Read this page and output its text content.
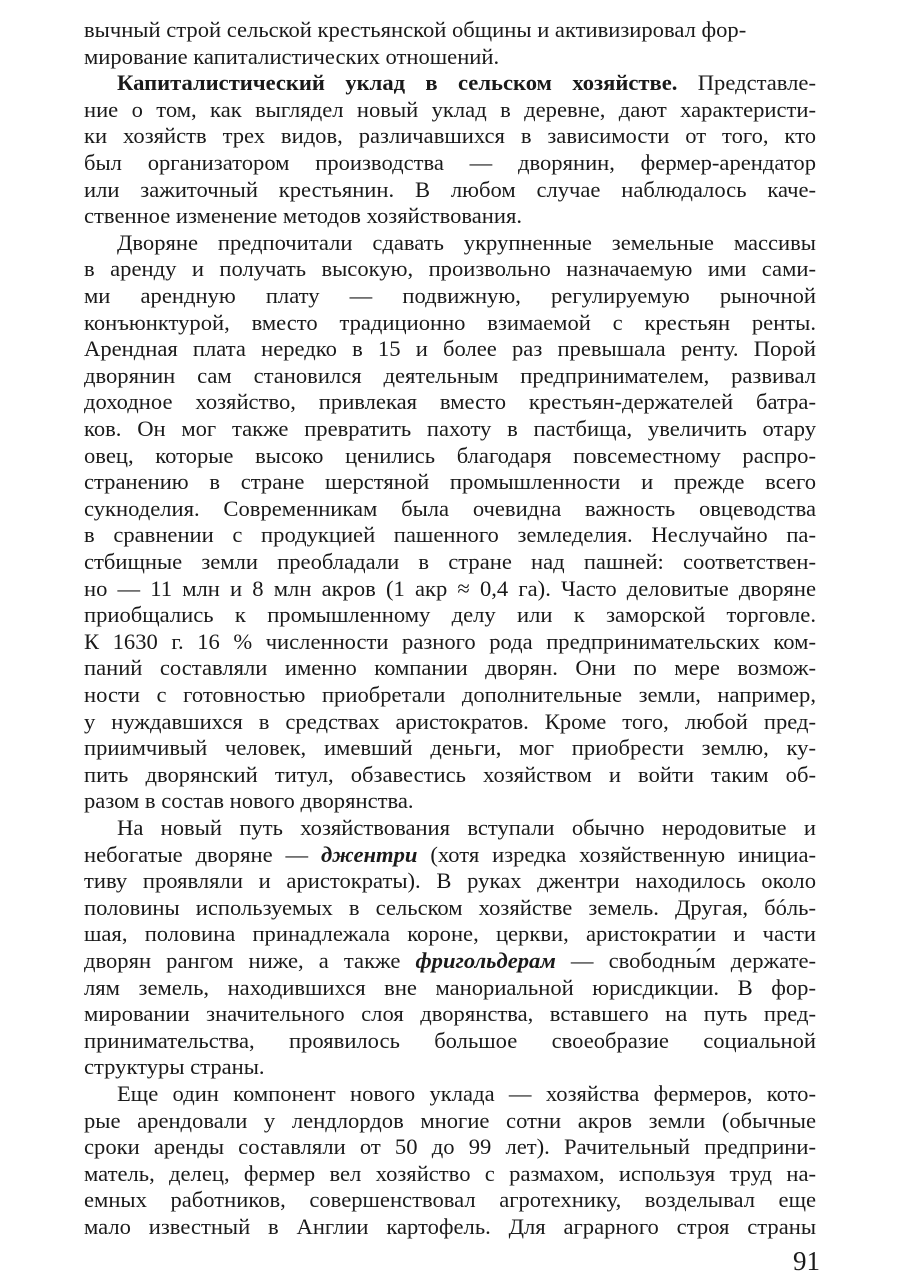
вычный строй сельской крестьянской общины и активизировал фор-
мирование капиталистических отношений.
Капиталистический уклад в сельском хозяйстве. Представле-
ние о том, как выглядел новый уклад в деревне, дают характеристи-
ки хозяйств трех видов, различавшихся в зависимости от того, кто
был организатором производства — дворянин, фермер-арендатор
или зажиточный крестьянин. В любом случае наблюдалось каче-
ственное изменение методов хозяйствования.
Дворяне предпочитали сдавать укрупненные земельные массивы
в аренду и получать высокую, произвольно назначаемую ими сами-
ми арендную плату — подвижную, регулируемую рыночной
конъюнктурой, вместо традиционно взимаемой с крестьян ренты.
Арендная плата нередко в 15 и более раз превышала ренту. Порой
дворянин сам становился деятельным предпринимателем, развивал
доходное хозяйство, привлекая вместо крестьян-держателей батра-
ков. Он мог также превратить пахоту в пастбища, увеличить отару
овец, которые высоко ценились благодаря повсеместному распро-
странению в стране шерстяной промышленности и прежде всего
сукноделия. Современникам была очевидна важность овцеводства
в сравнении с продукцией пашенного земледелия. Неслучайно па-
стбищные земли преобладали в стране над пашней: соответствен-
но — 11 млн и 8 млн акров (1 акр ≈ 0,4 га). Часто деловитые дворяне
приобщались к промышленному делу или к заморской торговле.
К 1630 г. 16 % численности разного рода предпринимательских ком-
паний составляли именно компании дворян. Они по мере возмож-
ности с готовностью приобретали дополнительные земли, например,
у нуждавшихся в средствах аристократов. Кроме того, любой пред-
приимчивый человек, имевший деньги, мог приобрести землю, ку-
пить дворянский титул, обзавестись хозяйством и войти таким об-
разом в состав нового дворянства.
На новый путь хозяйствования вступали обычно неродовитые и
небогатые дворяне — джентри (хотя изредка хозяйственную инициа-
тиву проявляли и аристократы). В руках джентри находилось около
половины используемых в сельском хозяйстве земель. Другая, бóль-
шая, половина принадлежала короне, церкви, аристократии и части
дворян рангом ниже, а также фригольдерам — свободны́м держате-
лям земель, находившихся вне маноpиальной юрисдикции. В фор-
мировании значительного слоя дворянства, вставшего на путь пред-
принимательства, проявилось большое своеобразие социальной
структуры страны.
Еще один компонент нового уклада — хозяйства фермеров, кото-
рые арендовали у лендлордов многие сотни акров земли (обычные
сроки аренды составляли от 50 до 99 лет). Рачительный предприни-
матель, делец, фермер вел хозяйство с размахом, используя труд на-
емных работников, совершенствовал агротехнику, возделывал еще
мало известный в Англии картофель. Для аграрного строя страны
91
